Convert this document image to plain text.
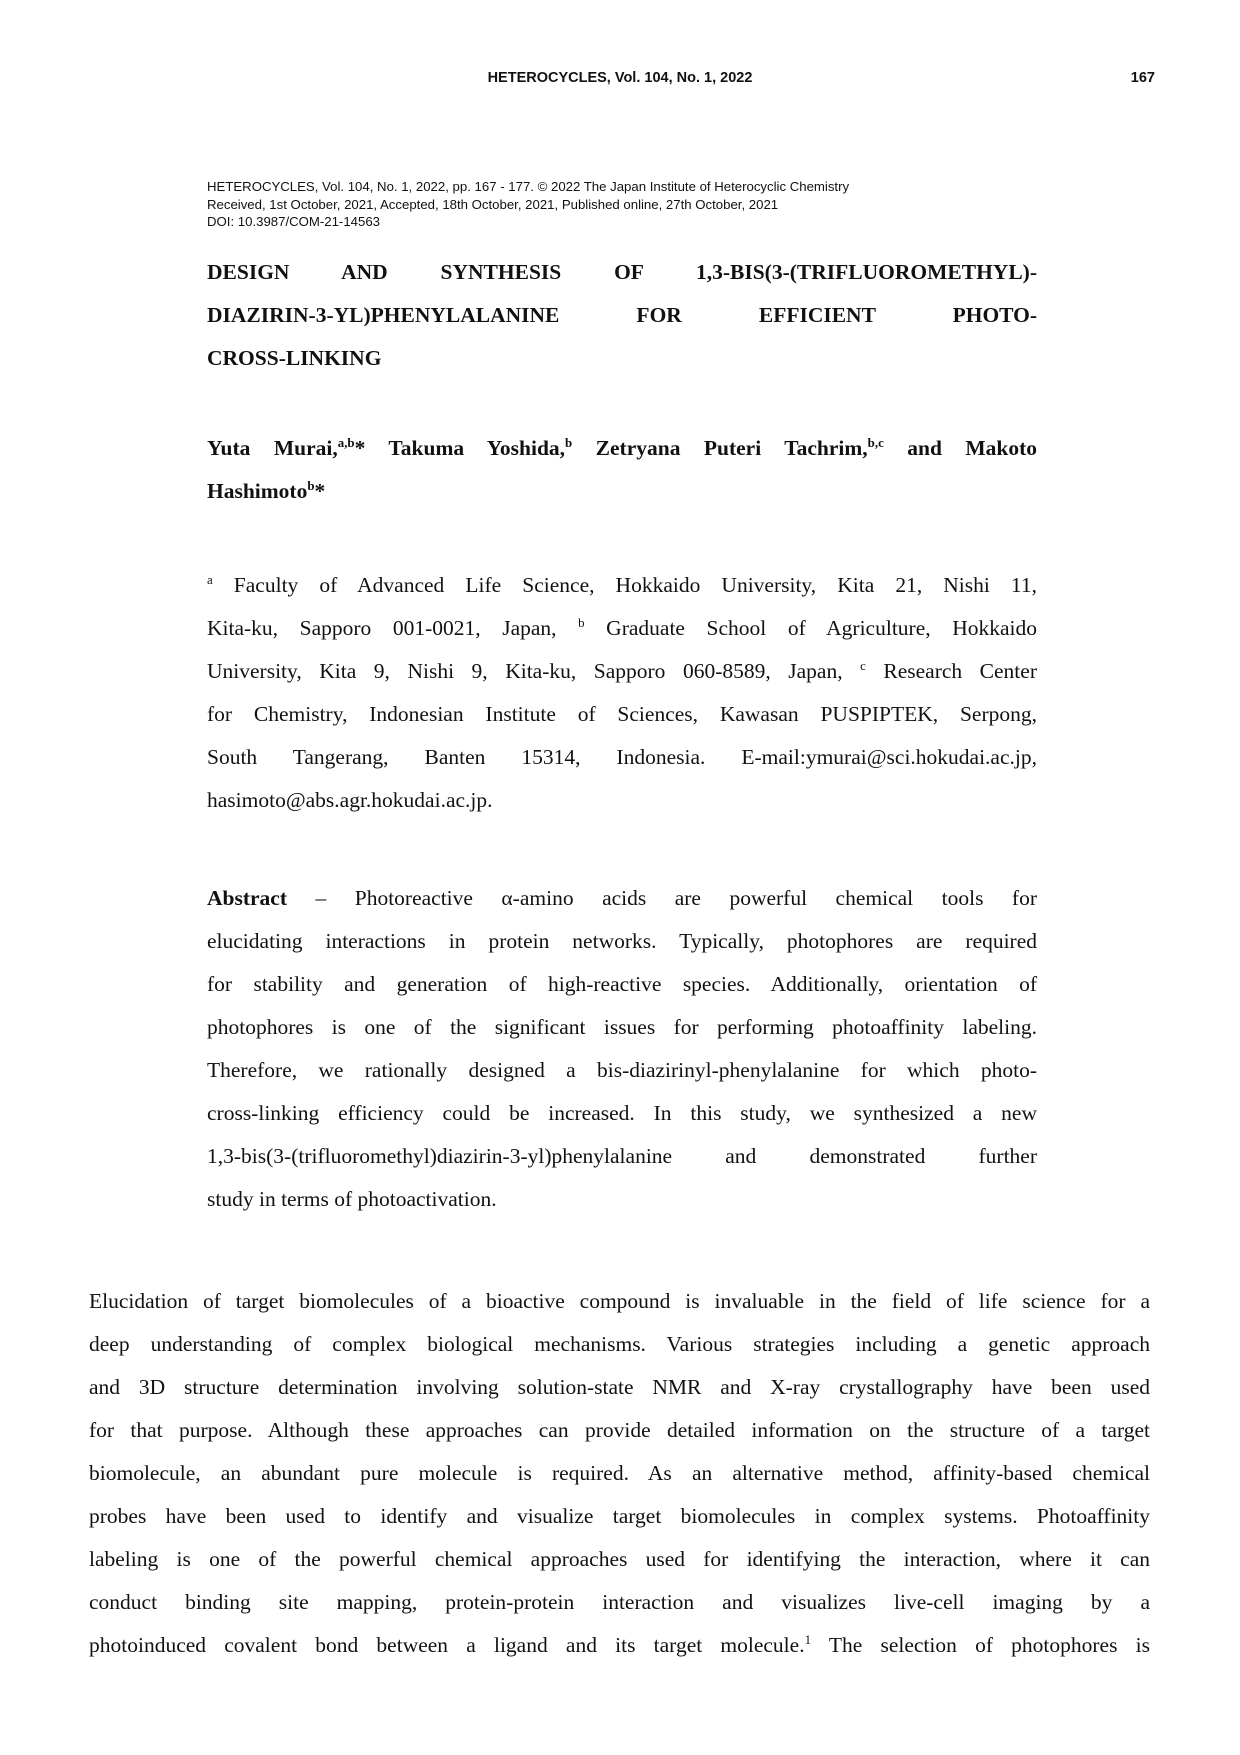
HETEROCYCLES, Vol. 104, No. 1, 2022	167
HETEROCYCLES, Vol. 104, No. 1, 2022, pp. 167 - 177. © 2022 The Japan Institute of Heterocyclic Chemistry
Received, 1st October, 2021, Accepted, 18th October, 2021, Published online, 27th October, 2021
DOI: 10.3987/COM-21-14563
DESIGN AND SYNTHESIS OF 1,3-BIS(3-(TRIFLUOROMETHYL)-
DIAZIRIN-3-YL)PHENYLALANINE FOR EFFICIENT PHOTO-
CROSS-LINKING
Yuta Murai,$^{a,b}$* Takuma Yoshida,$^b$ Zetryana Puteri Tachrim,$^{b,c}$ and Makoto
Hashimoto$^b$*
$^a$ Faculty of Advanced Life Science, Hokkaido University, Kita 21, Nishi 11,
Kita-ku, Sapporo 001-0021, Japan, $^b$ Graduate School of Agriculture, Hokkaido
University, Kita 9, Nishi 9, Kita-ku, Sapporo 060-8589, Japan, $^c$ Research Center
for Chemistry, Indonesian Institute of Sciences, Kawasan PUSPIPTEK, Serpong,
South Tangerang, Banten 15314, Indonesia. E-mail:ymurai@sci.hokudai.ac.jp,
hasimoto@abs.agr.hokudai.ac.jp.
Abstract – Photoreactive α-amino acids are powerful chemical tools for
elucidating interactions in protein networks. Typically, photophores are required
for stability and generation of high-reactive species. Additionally, orientation of
photophores is one of the significant issues for performing photoaffinity labeling.
Therefore, we rationally designed a bis-diazirinyl-phenylalanine for which photo-
cross-linking efficiency could be increased. In this study, we synthesized a new
1,3-bis(3-(trifluoromethyl)diazirin-3-yl)phenylalanine and demonstrated further
study in terms of photoactivation.
Elucidation of target biomolecules of a bioactive compound is invaluable in the field of life science for a
deep understanding of complex biological mechanisms. Various strategies including a genetic approach
and 3D structure determination involving solution-state NMR and X-ray crystallography have been used
for that purpose. Although these approaches can provide detailed information on the structure of a target
biomolecule, an abundant pure molecule is required. As an alternative method, affinity-based chemical
probes have been used to identify and visualize target biomolecules in complex systems. Photoaffinity
labeling is one of the powerful chemical approaches used for identifying the interaction, where it can
conduct binding site mapping, protein-protein interaction and visualizes live-cell imaging by a
photoinduced covalent bond between a ligand and its target molecule.$^1$ The selection of photophores is
